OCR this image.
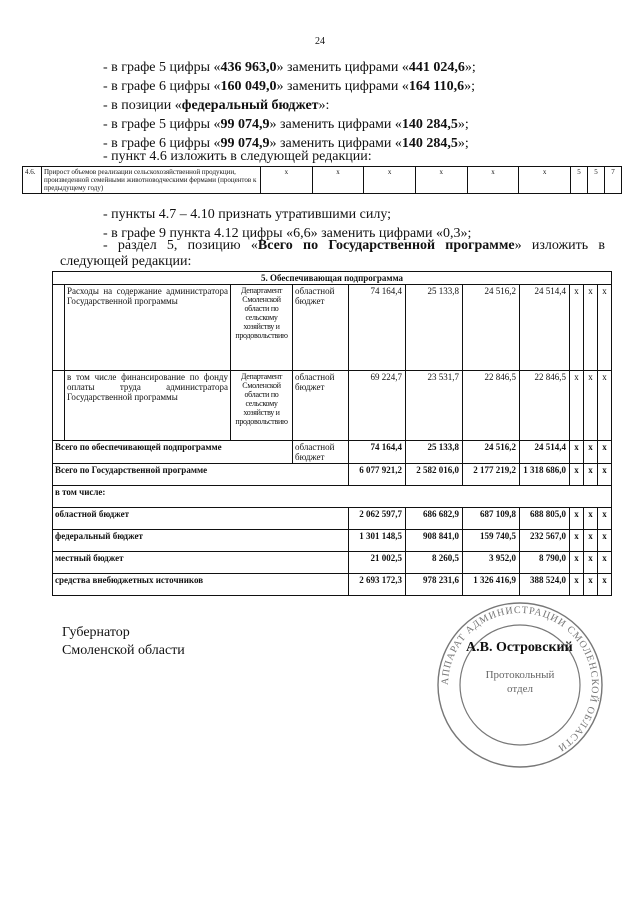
24
- в графе 5 цифры «436 963,0» заменить цифрами «441 024,6»;
- в графе 6 цифры «160 049,0» заменить цифрами «164 110,6»;
- в позиции «федеральный бюджет»:
- в графе 5 цифры «99 074,9» заменить цифрами «140 284,5»;
- в графе 6 цифры «99 074,9» заменить цифрами «140 284,5»;
- пункт 4.6 изложить в следующей редакции:
4.6.	Прирост объемов реализации сельскохозяйственной продукции, произведенной семейными животноводческими фермами (процентов к предыдущему году)	х	х	х	х	х	х	5	5	7
- пункты 4.7 – 4.10 признать утратившими силу;
- в графе 9 пункта 4.12 цифры «6,6» заменить цифрами «0,3»;
- раздел 5, позицию «Всего по Государственной программе» изложить в следующей редакции:
5. Обеспечивающая подпрограмма										
	Расходы на содержание администратора Государственной программы	Департамент Смоленской области по сельскому хозяйству и продовольствию	областной бюджет	74 164,4	25 133,8	24 516,2	24 514,4	х	х	х
	в том числе финансирование по фонду оплаты труда администратора Государственной программы	Департамент Смоленской области по сельскому хозяйству и продовольствию	областной бюджет	69 224,7	23 531,7	22 846,5	22 846,5	х	х	х
Всего по обеспечивающей подпрограмме			областной бюджет	74 164,4	25 133,8	24 516,2	24 514,4	х	х	х
Всего по Государственной программе				6 077 921,2	2 582 016,0	2 177 219,2	1 318 686,0	х	х	х
в том числе:										
областной бюджет				2 062 597,7	686 682,9	687 109,8	688 805,0	х	х	х
федеральный бюджет				1 301 148,5	908 841,0	159 740,5	232 567,0	х	х	х
местный бюджет				21 002,5	8 260,5	3 952,0	8 790,0	х	х	х
средства внебюджетных источников				2 693 172,3	978 231,6	1 326 416,9	388 524,0	х	х	х
Губернатор
Смоленской области
АППАРАТ АДМИНИСТРАЦИИ СМОЛЕНСКОЙ ОБЛАСТИ
Протокольный
отдел
А.В. Островский
